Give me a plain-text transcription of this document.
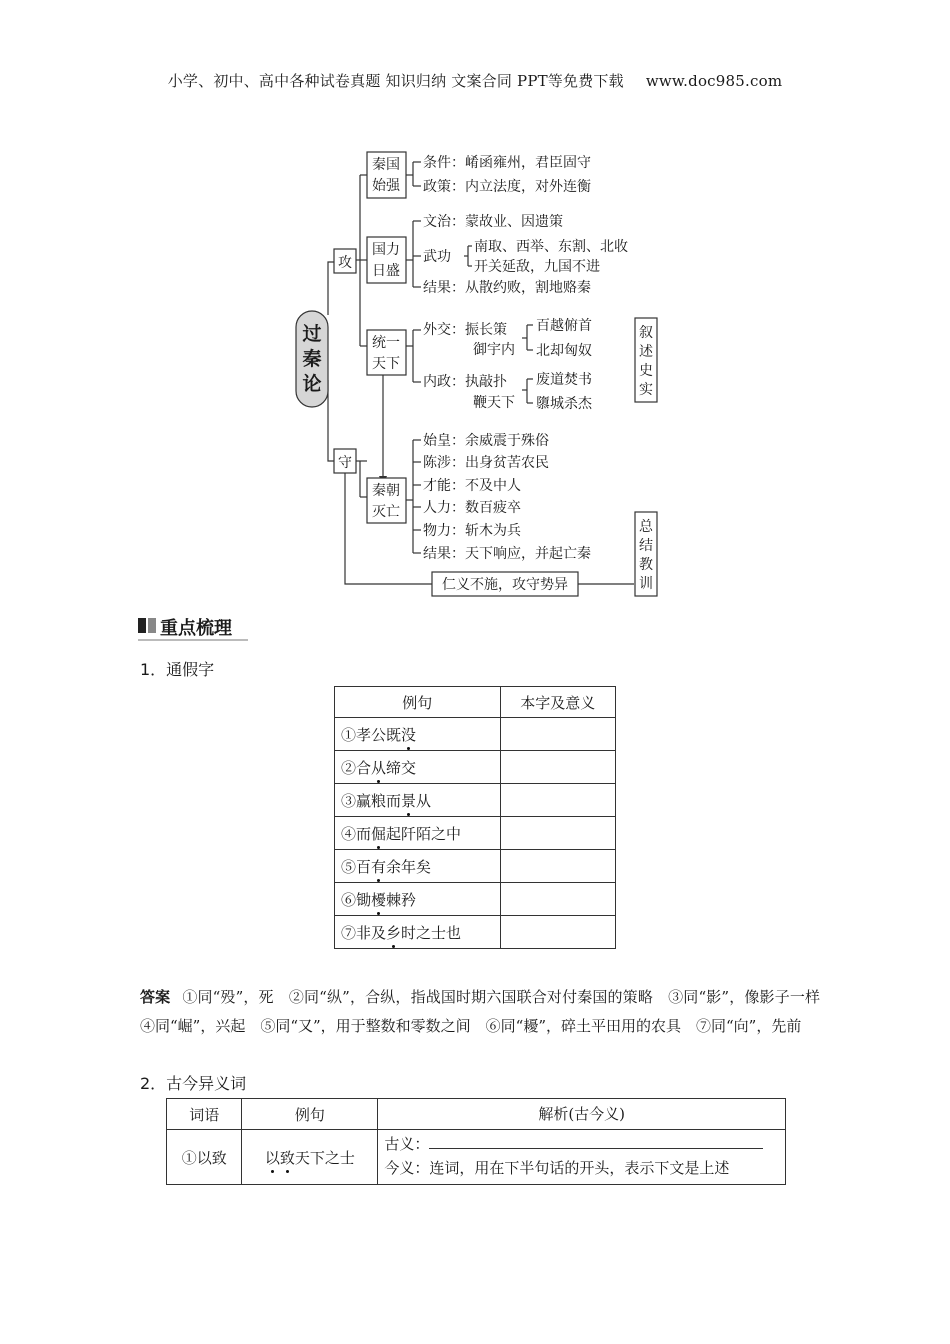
小学、初中、高中各种试卷真题 知识归纳 文案合同 PPT等免费下载 www.doc985.com
过
秦
论
攻
守
秦国
始强
国力
日盛
统一
天下
秦朝
灭亡
条件：崤函雍州，君臣固守
政策：内立法度，对外连衡
文治：蒙故业、因遗策
武功
南取、西举、东割、北收
开关延敌，九国不进
结果：从散约败，割地赂秦
外交：振长策
御宇内
百越俯首
北却匈奴
内政：执敲扑
鞭天下
废道焚书
隳城杀杰
叙
述
史
实
始皇：余威震于殊俗
陈涉：出身贫苦农民
才能：不及中人
人力：数百疲卒
物力：斩木为兵
结果：天下响应，并起亡秦
仁义不施，攻守势异
总
结
教
训
重点梳理
1．通假字
例句	本字及意义
①孝公既没	
②合从缔交	
③赢粮而景从	
④而倔起阡陌之中	
⑤百有余年矣	
⑥锄櫌棘矜	
⑦非及乡时之士也	
答案 ①同“殁”，死　②同“纵”，合纵，指战国时期六国联合对付秦国的策略　③同“影”，像影子一样　④同“崛”，兴起　⑤同“又”，用于整数和零数之间　⑥同“耰”，碎土平田用的农具　⑦同“向”，先前
2．古今异义词
词语	例句	解析(古今义)
①以致	以致天下之士	古义：
今义：连词，用在下半句话的开头，表示下文是上述
